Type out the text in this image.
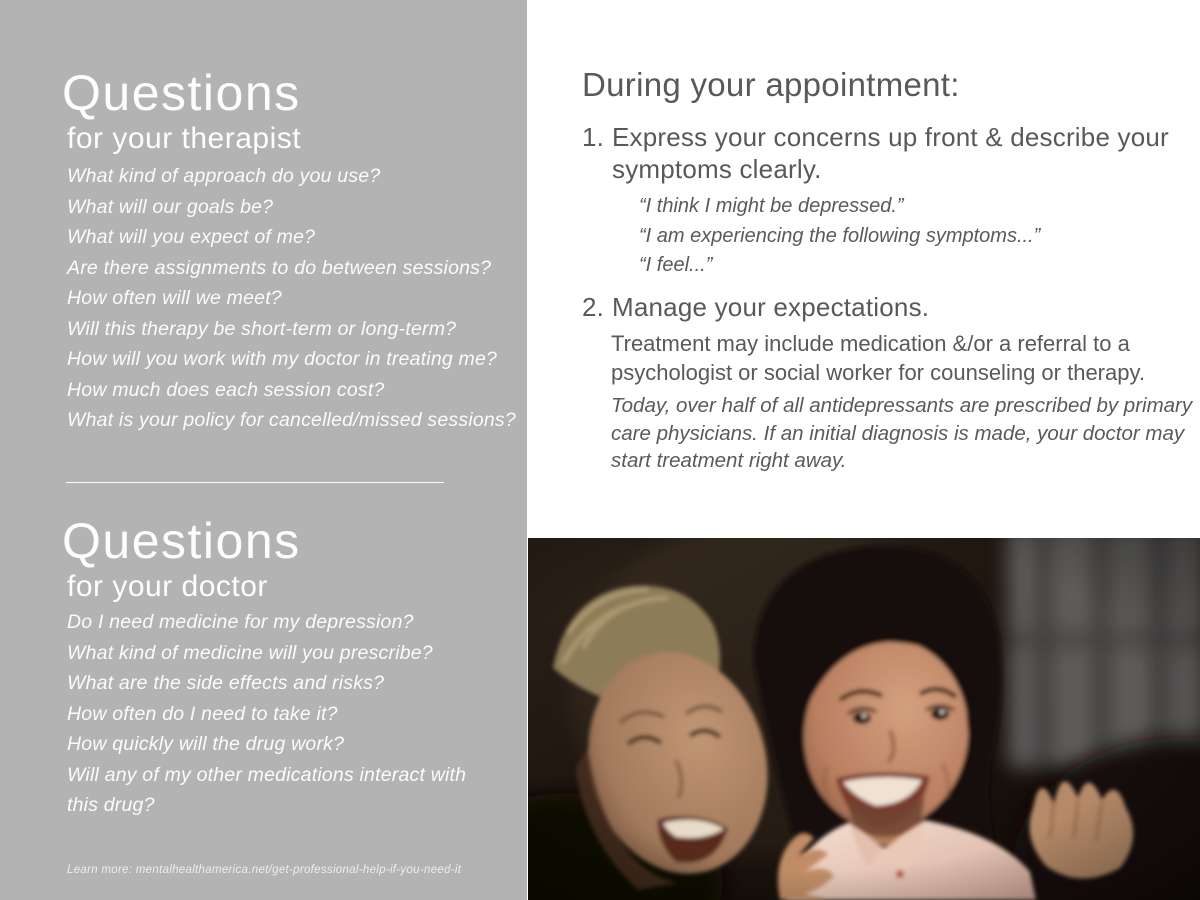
Questions
for your therapist
What kind of approach do you use?
What will our goals be?
What will you expect of me?
Are there assignments to do between sessions?
How often will we meet?
Will this therapy be short-term or long-term?
How will you work with my doctor in treating me?
How much does each session cost?
What is your policy for cancelled/missed sessions?
Questions
for your doctor
Do I need medicine for my depression?
What kind of medicine will you prescribe?
What are the side effects and risks?
How often do I need to take it?
How quickly will the drug work?
Will any of my other medications interact with this drug?
Learn more: mentalhealthamerica.net/get-professional-help-if-you-need-it
During your appointment:
1. Express your concerns up front & describe your symptoms clearly.
“I think I might be depressed.”
“I am experiencing the following symptoms...”
“I feel...”
2. Manage your expectations.
Treatment may include medication &/or a referral to a psychologist or social worker for counseling or therapy.
Today, over half of all antidepressants are prescribed by primary care physicians. If an initial diagnosis is made, your doctor may start treatment right away.
